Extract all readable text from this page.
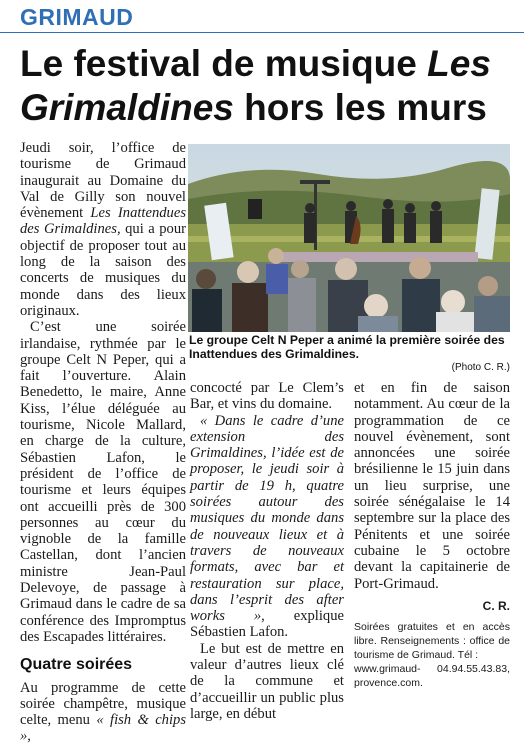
GRIMAUD
Le festival de musique Les
Grimaldines hors les murs

Jeudi soir, l’office de tourisme de Grimaud inaugurait au Domaine du Val de Gilly son nouvel évènement Les Inattendues des Grimaldines, qui a pour objectif de proposer tout au long de la saison des concerts de musiques du monde dans des lieux originaux.

C’est une soirée irlandaise, rythmée par le groupe Celt N Peper, qui a fait l’ouverture. Alain Benedetto, le maire, Anne Kiss, l’élue déléguée au tourisme, Nicole Mallard, en charge de la culture, Sébastien Lafon, le président de l’office de tourisme et leurs équipes ont accueilli près de 300 personnes au cœur du vignoble de la famille Castellan, dont l’ancien ministre Jean-Paul Delevoye, de passage à Grimaud dans le cadre de sa conférence des Impromptus des Escapades littéraires.

Quatre soirées

Au programme de cette soirée champêtre, musique celte, menu « fish & chips »,

Le groupe Celt N Peper a animé la première soirée des Inattendues des Grimaldines.
(Photo C. R.)

concocté par Le Clem’s Bar, et vins du domaine.

« Dans le cadre d’une extension des Grimaldines, l’idée est de proposer, le jeudi soir à partir de 19 h, quatre soirées autour des musiques du monde dans de nouveaux lieux et à travers de nouveaux formats, avec bar et restauration sur place, dans l’esprit des after works », explique Sébastien Lafon.

Le but est de mettre en valeur d’autres lieux clé de la commune et d’accueillir un public plus large, en début

et en fin de saison notamment. Au cœur de la programmation de ce nouvel évènement, sont annoncées une soirée brésilienne le 15 juin dans un lieu surprise, une soirée sénégalaise le 14 septembre sur la place des Pénitents et une soirée cubaine le 5 octobre devant la capitainerie de Port-Grimaud.

C. R.
Soirées gratuites et en accès libre. Renseignements : office de tourisme de Grimaud. Tél :
04.94.55.43.83,

www.grimaud-provence.com.
